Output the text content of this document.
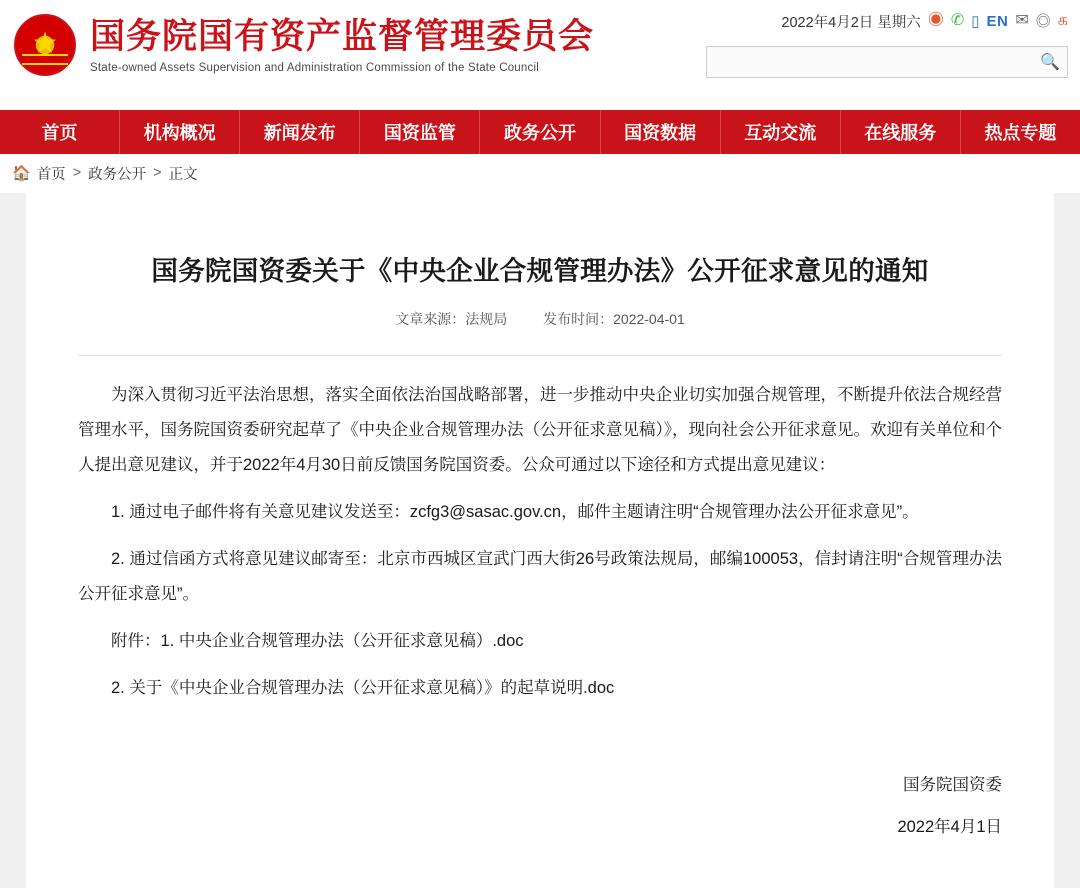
★
国务院国有资产监督管理委员会
State-owned Assets Supervision and Administration Commission of the State Council
2022年4月2日 星期六 ◉ ✆ ▯ EN ✉ ◎ க
🔍
首页	机构概况	新闻发布	国资监管	政务公开	国资数据	互动交流	在线服务	热点专题
🏠 首页 > 政务公开 > 正文
国务院国资委关于《中央企业合规管理办法》公开征求意见的通知
文章来源：法规局	发布时间：2022-04-01

为深入贯彻习近平法治思想，落实全面依法治国战略部署，进一步推动中央企业切实加强合规管理，不断提升依法合规经营管理水平，国务院国资委研究起草了《中央企业合规管理办法（公开征求意见稿）》，现向社会公开征求意见。欢迎有关单位和个人提出意见建议，并于2022年4月30日前反馈国务院国资委。公众可通过以下途径和方式提出意见建议：

1. 通过电子邮件将有关意见建议发送至：zcfg3@sasac.gov.cn，邮件主题请注明“合规管理办法公开征求意见”。

2. 通过信函方式将意见建议邮寄至：北京市西城区宣武门西大街26号政策法规局，邮编100053，信封请注明“合规管理办法公开征求意见”。

附件：1. 中央企业合规管理办法（公开征求意见稿）.doc

2. 关于《中央企业合规管理办法（公开征求意见稿）》的起草说明.doc

国务院国资委
2022年4月1日
